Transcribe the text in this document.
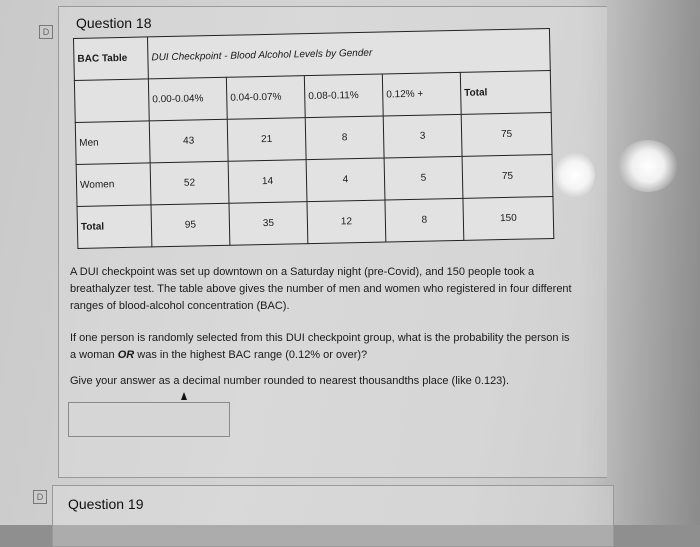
D
Question 18
BAC Table	DUI Checkpoint - Blood Alcohol Levels by Gender				
	0.00-0.04%	0.04-0.07%	0.08-0.11%	0.12% +	Total
Men	43	21	8	3	75
Women	52	14	4	5	75
Total	95	35	12	8	150
A DUI checkpoint was set up downtown on a Saturday night (pre-Covid), and 150 people took a breathalyzer test. The table above gives the number of men and women who registered in four different ranges of blood-alcohol concentration (BAC).
If one person is randomly selected from this DUI checkpoint group, what is the probability the person is a woman OR was in the highest BAC range (0.12% or over)?
Give your answer as a decimal number rounded to nearest thousandths place (like 0.123).
D Question 19
